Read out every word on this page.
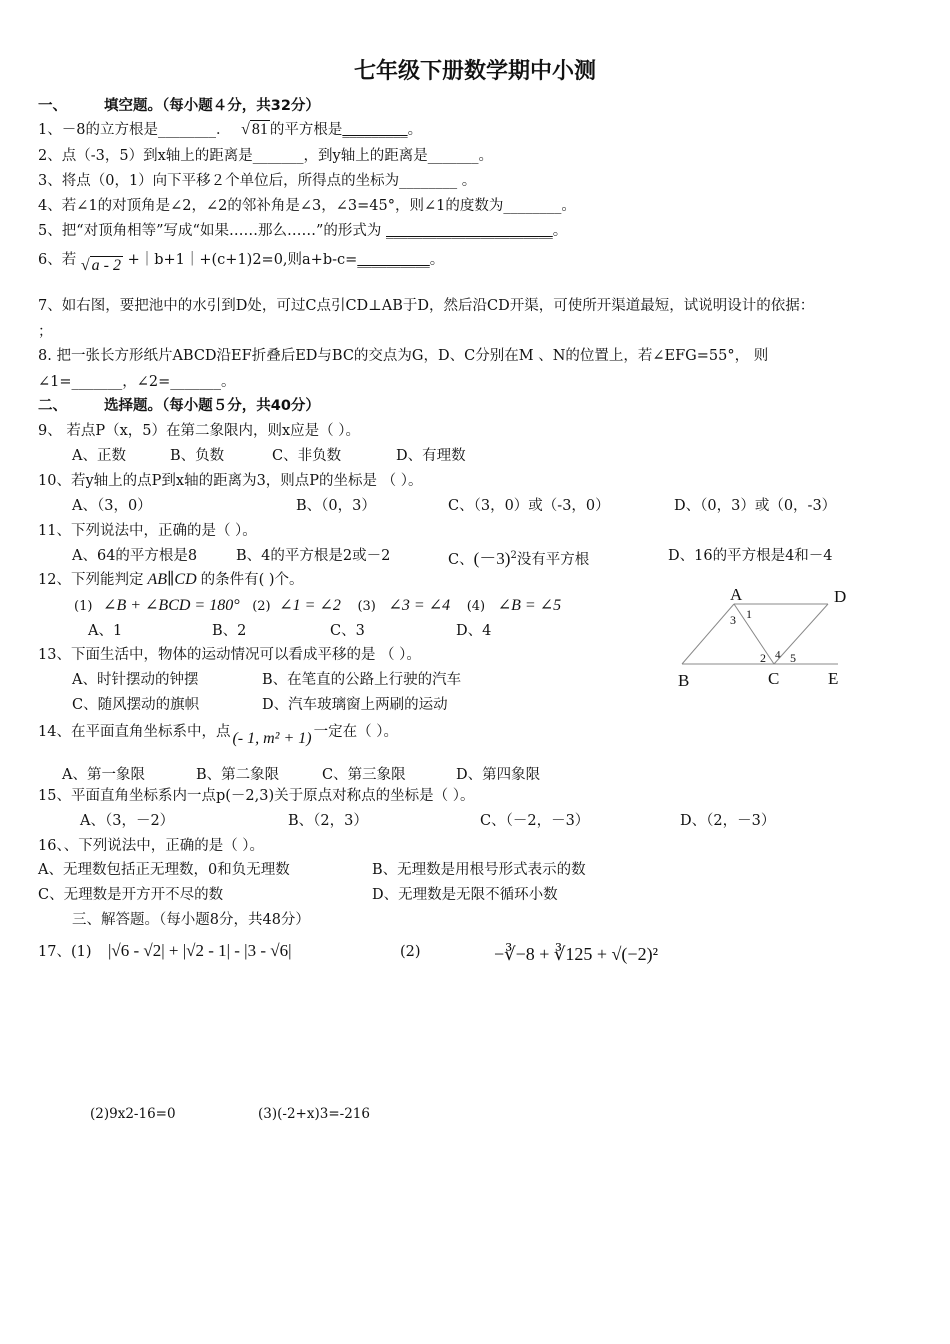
七年级下册数学期中小测
一、	填空题。（每小题４分，共32分）
1、－8的立方根是________． √ 81 的平方根是_________。
2、点（-3，5）到x轴上的距离是_______，到y轴上的距离是_______。
3、将点（0，1）向下平移２个单位后，所得点的坐标为________ 。
4、若∠1的对顶角是∠2，∠2的邻补角是∠3，∠3=45°，则∠1的度数为________。
5、把“对顶角相等”写成“如果……那么……”的形式为 _______________________。
6、若 √ a - 2 +｜b+1｜+(c+1)2=0,则a+b-c=__________。
7、如右图，要把池中的水引到D处，可过C点引CD⊥AB于D，然后沿CD开渠，可使所开渠道最短，试说明设计的依据：
；
8. 把一张长方形纸片ABCD沿EF折叠后ED与BC的交点为G，D、C分别在M 、N的位置上，若∠EFG=55°， 则
∠1=_______，∠2=_______。
二、	选择题。（每小题５分，共40分）
9、 若点P（x，5）在第二象限内，则x应是（ ）。
A、正数	B、负数	C、非负数	D、有理数
10、若y轴上的点P到x轴的距离为3，则点P的坐标是 （ ）。
A、（3，0）	B、（0，3）	C、（3，0）或（-3，0）	D、（0，3）或（0，-3）
11、下列说法中，正确的是（ ）。
A、64的平方根是8	B、4的平方根是2或－2	C、$(-3)^2$没有平方根	D、16的平方根是4和－4
12、下列能判定 AB∥CD 的条件有( )个。
(1) ∠B + ∠BCD = 180° (2) ∠1 = ∠2 (3) ∠3 = ∠4 (4) ∠B = ∠5
A、1	B、2	C、3	D、4
A	D
B	C	E
1
3
2 4 5
13、下面生活中，物体的运动情况可以看成平移的是 （ ）。
A、时针摆动的钟摆	B、在笔直的公路上行驶的汽车
C、随风摆动的旗帜	D、汽车玻璃窗上两刷的运动
14、在平面直角坐标系中，点 (- 1, m² + 1) 一定在（ ）。
A、第一象限	B、第二象限	C、第三象限	D、第四象限
15、平面直角坐标系内一点p(－2,3)关于原点对称点的坐标是（ ）。
A、（3，－2）	B、（2，3）	C、（－2，－3）	D、（2，－3）
16、、下列说法中，正确的是（ ）。
A、无理数包括正无理数，0和负无理数	B、无理数是用根号形式表示的数
C、无理数是开方开不尽的数	D、无理数是无限不循环小数
三、解答题。（每小题8分，共48分）
17、(1) |√6 - √2| + |√2 - 1| - |3 - √6|	(2)	−∛−8 + ∛125 + √(−2)²
(2)9x2-16=0	(3)(-2+x)3=-216
